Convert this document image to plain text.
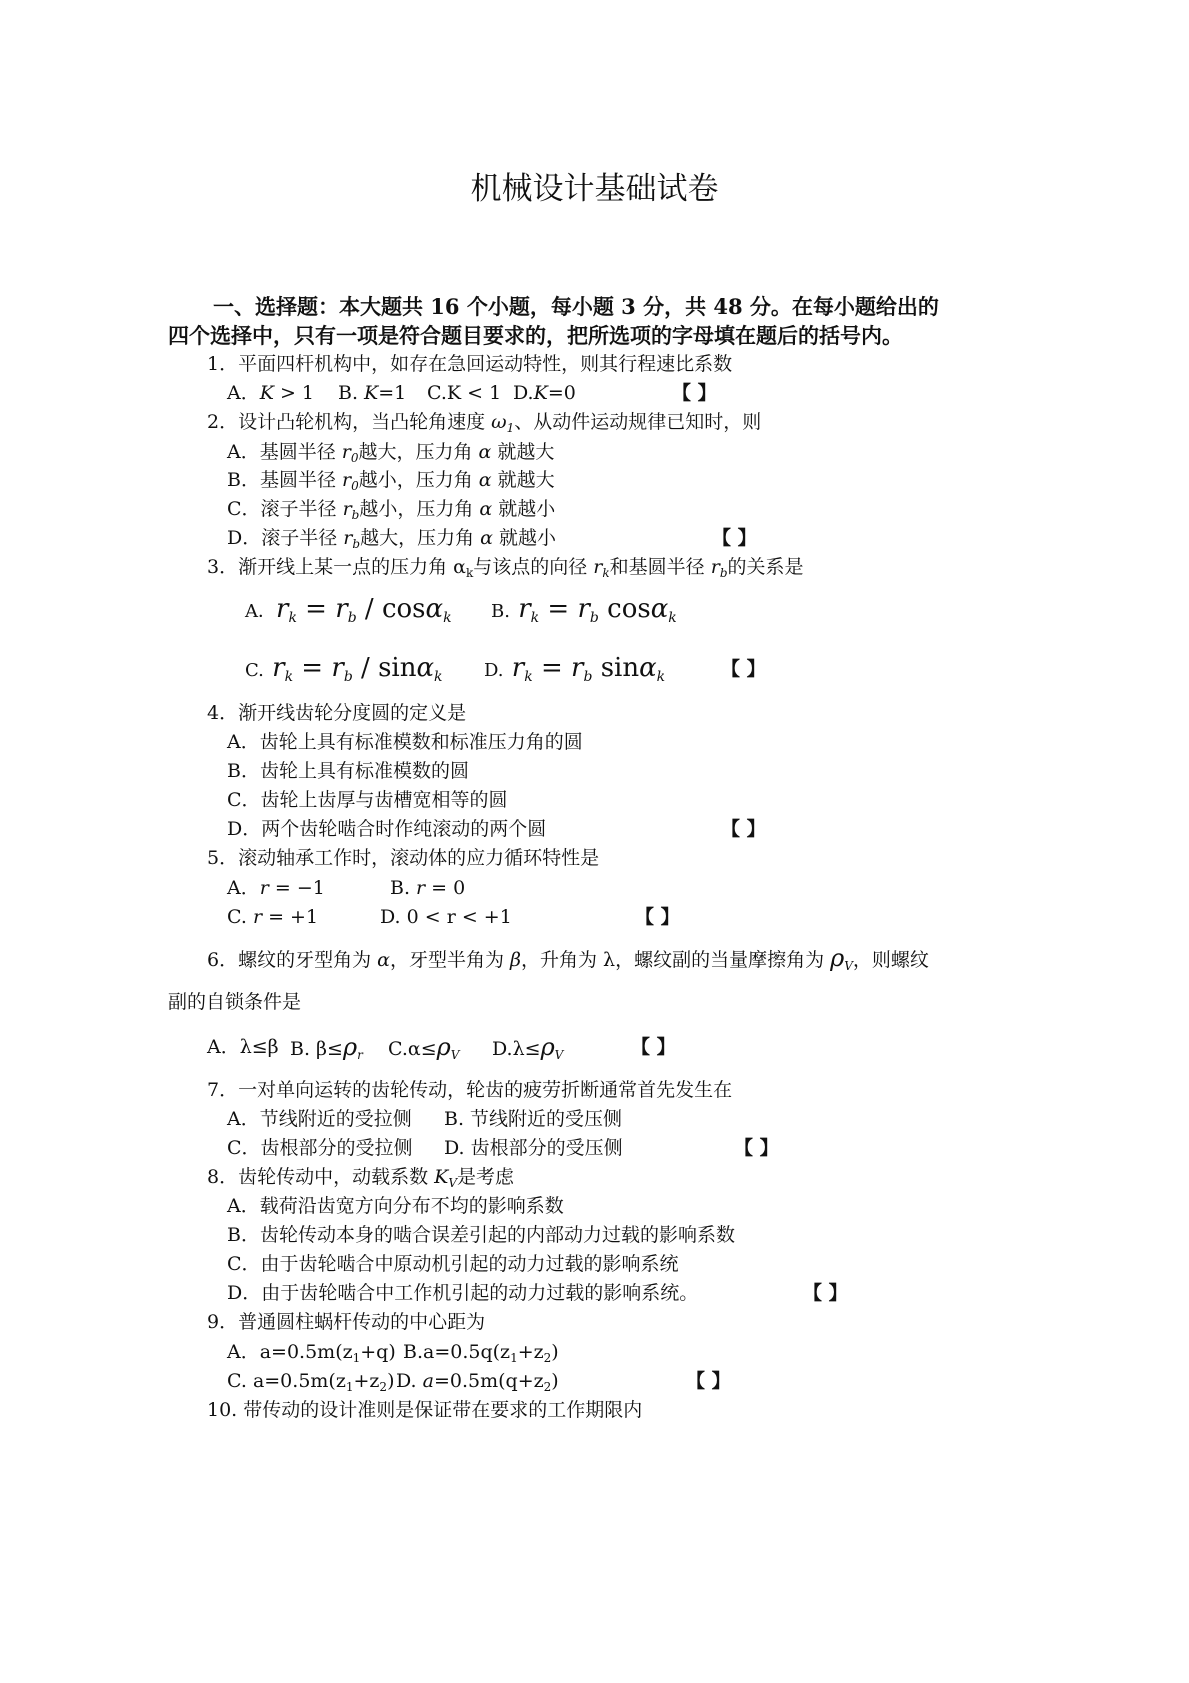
机械设计基础试卷
一、选择题：本大题共 16 个小题，每小题 3 分，共 48 分。在每小题给出的
四个选择中，只有一项是符合题目要求的，把所选项的字母填在题后的括号内。
1．平面四杆机构中，如存在急回运动特性，则其行程速比系数
A．K > 1 B. K=1 C.K < 1 D.K=0	【 】
2．设计凸轮机构，当凸轮角速度 $\omega_1$、从动件运动规律已知时，则
A．基圆半径 $r_0$越大，压力角 α 就越大
B．基圆半径 $r_0$越小，压力角 α 就越大
C．滚子半径 $r_b$越小，压力角 α 就越小
D．滚子半径 $r_b$越大，压力角 α 就越小	【 】
3．渐开线上某一点的压力角 $\alpha_k$与该点的向径 $r_k$和基圆半径 $r_b$的关系是
A．rk = rb / cosαk B. rk = rb cosαk
C. rk = rb / sinαk D. rk = rb sinαk	【 】
4．渐开线齿轮分度圆的定义是
A．齿轮上具有标准模数和标准压力角的圆
B．齿轮上具有标准模数的圆
C．齿轮上齿厚与齿槽宽相等的圆
D．两个齿轮啮合时作纯滚动的两个圆	【 】
5．滚动轴承工作时，滚动体的应力循环特性是
A．r = −1	B. r = 0
C. r = +1	D. 0 < r < +1	【 】
6．螺纹的牙型角为 α，牙型半角为 β，升角为 λ，螺纹副的当量摩擦角为 $\rho_V$，则螺纹
副的自锁条件是
A．λ≤β B. $\beta\le\rho_r$ $C.\alpha\le\rho_V$ $D.\lambda\le\rho_V$	【 】
7．一对单向运转的齿轮传动，轮齿的疲劳折断通常首先发生在
A．节线附近的受拉侧 B. 节线附近的受压侧
C．齿根部分的受拉侧 D. 齿根部分的受压侧	【 】
8．齿轮传动中，动载系数 $K_V$是考虑
A．载荷沿齿宽方向分布不均的影响系数
B．齿轮传动本身的啮合误差引起的内部动力过载的影响系数
C．由于齿轮啮合中原动机引起的动力过载的影响系统
D．由于齿轮啮合中工作机引起的动力过载的影响系统。	【 】
9．普通圆柱蜗杆传动的中心距为
A．$a=0.5m(z_1+q)$ $B.a=0.5q(z_1+z_2)$
C. $a=0.5m(z_1+z_2)$ D. $a=0.5m(q+z_2)$	【 】
10. 带传动的设计准则是保证带在要求的工作期限内
